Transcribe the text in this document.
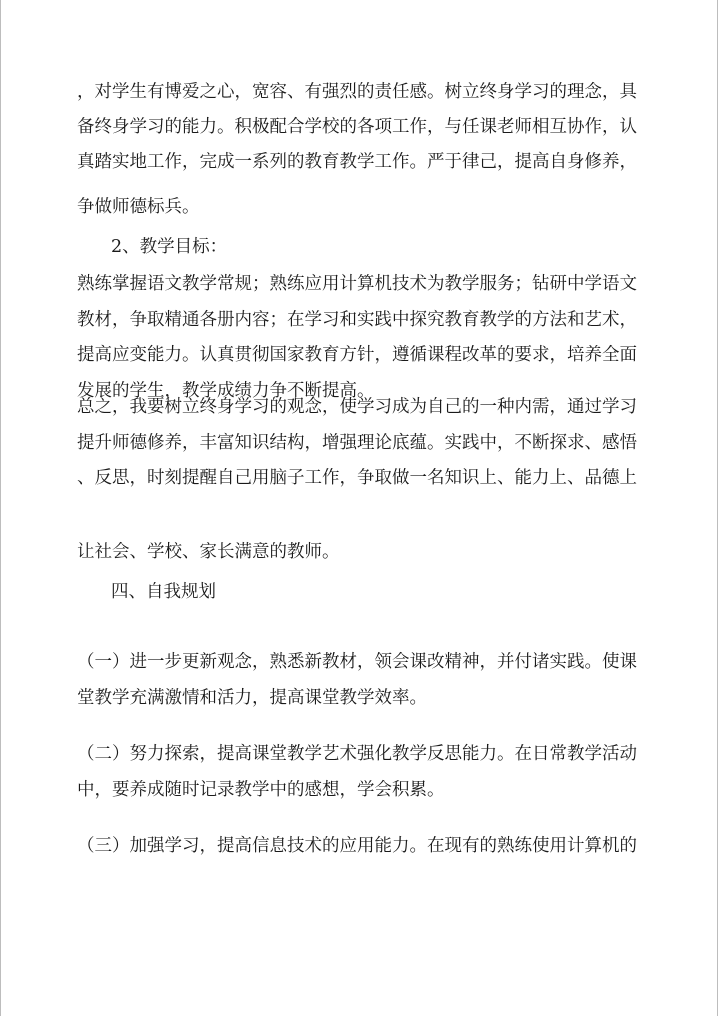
，对学生有博爱之心，宽容、有强烈的责任感。树立终身学习的理念，具
备终身学习的能力。积极配合学校的各项工作，与任课老师相互协作，认
真踏实地工作，完成一系列的教育教学工作。严于律己，提高自身修养，
争做师德标兵。
2、教学目标：
熟练掌握语文教学常规；熟练应用计算机技术为教学服务；钻研中学语文
教材，争取精通各册内容；在学习和实践中探究教育教学的方法和艺术，
提高应变能力。认真贯彻国家教育方针，遵循课程改革的要求，培养全面
发展的学生，教学成绩力争不断提高。
总之，我要树立终身学习的观念，使学习成为自己的一种内需，通过学习
提升师德修养，丰富知识结构，增强理论底蕴。实践中，不断探求、感悟
、反思，时刻提醒自己用脑子工作，争取做一名知识上、能力上、品德上
让社会、学校、家长满意的教师。
四、自我规划
（一）进一步更新观念，熟悉新教材，领会课改精神，并付诸实践。使课
堂教学充满激情和活力，提高课堂教学效率。
（二）努力探索，提高课堂教学艺术强化教学反思能力。在日常教学活动
中，要养成随时记录教学中的感想，学会积累。
（三）加强学习，提高信息技术的应用能力。在现有的熟练使用计算机的
